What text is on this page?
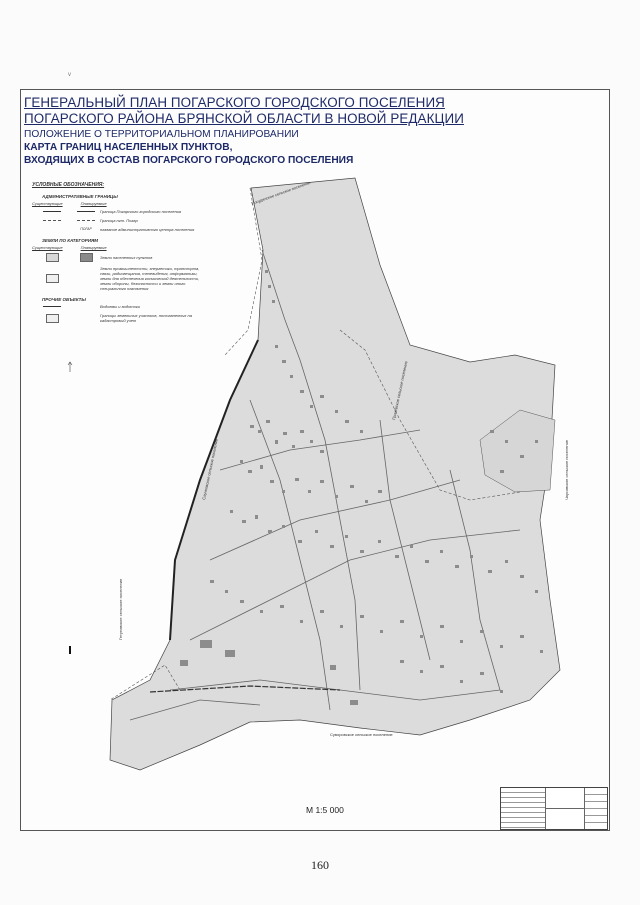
v
Посудичское сельское поселение
Гринёвское сельское поселение
Чаусовское сельское поселение
Гетуновское сельское поселение
Случковское сельское поселение
Суворовское сельское поселение
ГЕНЕРАЛЬНЫЙ ПЛАН ПОГАРСКОГО ГОРОДСКОГО ПОСЕЛЕНИЯ
ПОГАРСКОГО РАЙОНА БРЯНСКОЙ ОБЛАСТИ В НОВОЙ РЕДАКЦИИ
ПОЛОЖЕНИЕ О ТЕРРИТОРИАЛЬНОМ ПЛАНИРОВАНИИ
КАРТА ГРАНИЦ НАСЕЛЕННЫХ ПУНКТОВ,
ВХОДЯЩИХ В СОСТАВ ПОГАРСКОГО ГОРОДСКОГО ПОСЕЛЕНИЯ
УСЛОВНЫЕ ОБОЗНАЧЕНИЯ:
АДМИНИСТРАТИВНЫЕ ГРАНИЦЫ
Существующие	Планируемые
Граница Погарского городского поселения
Граница пгт. Погар
ПОГАР название административного центра поселения
ЗЕМЛИ ПО КАТЕГОРИЯМ
Существующие	Планируемые
Земли населенных пунктов
Земли промышленности, энергетики, транспорта, связи, радиовещания, телевидения, информатики, земли для обеспечения космической деятельности, земли обороны, безопасности и земли иного специального назначения
ПРОЧИЕ ОБЪЕКТЫ
Водоемы и водотоки
Границы земельных участков, поставленных на кадастровый учет
М 1:5 000
160
